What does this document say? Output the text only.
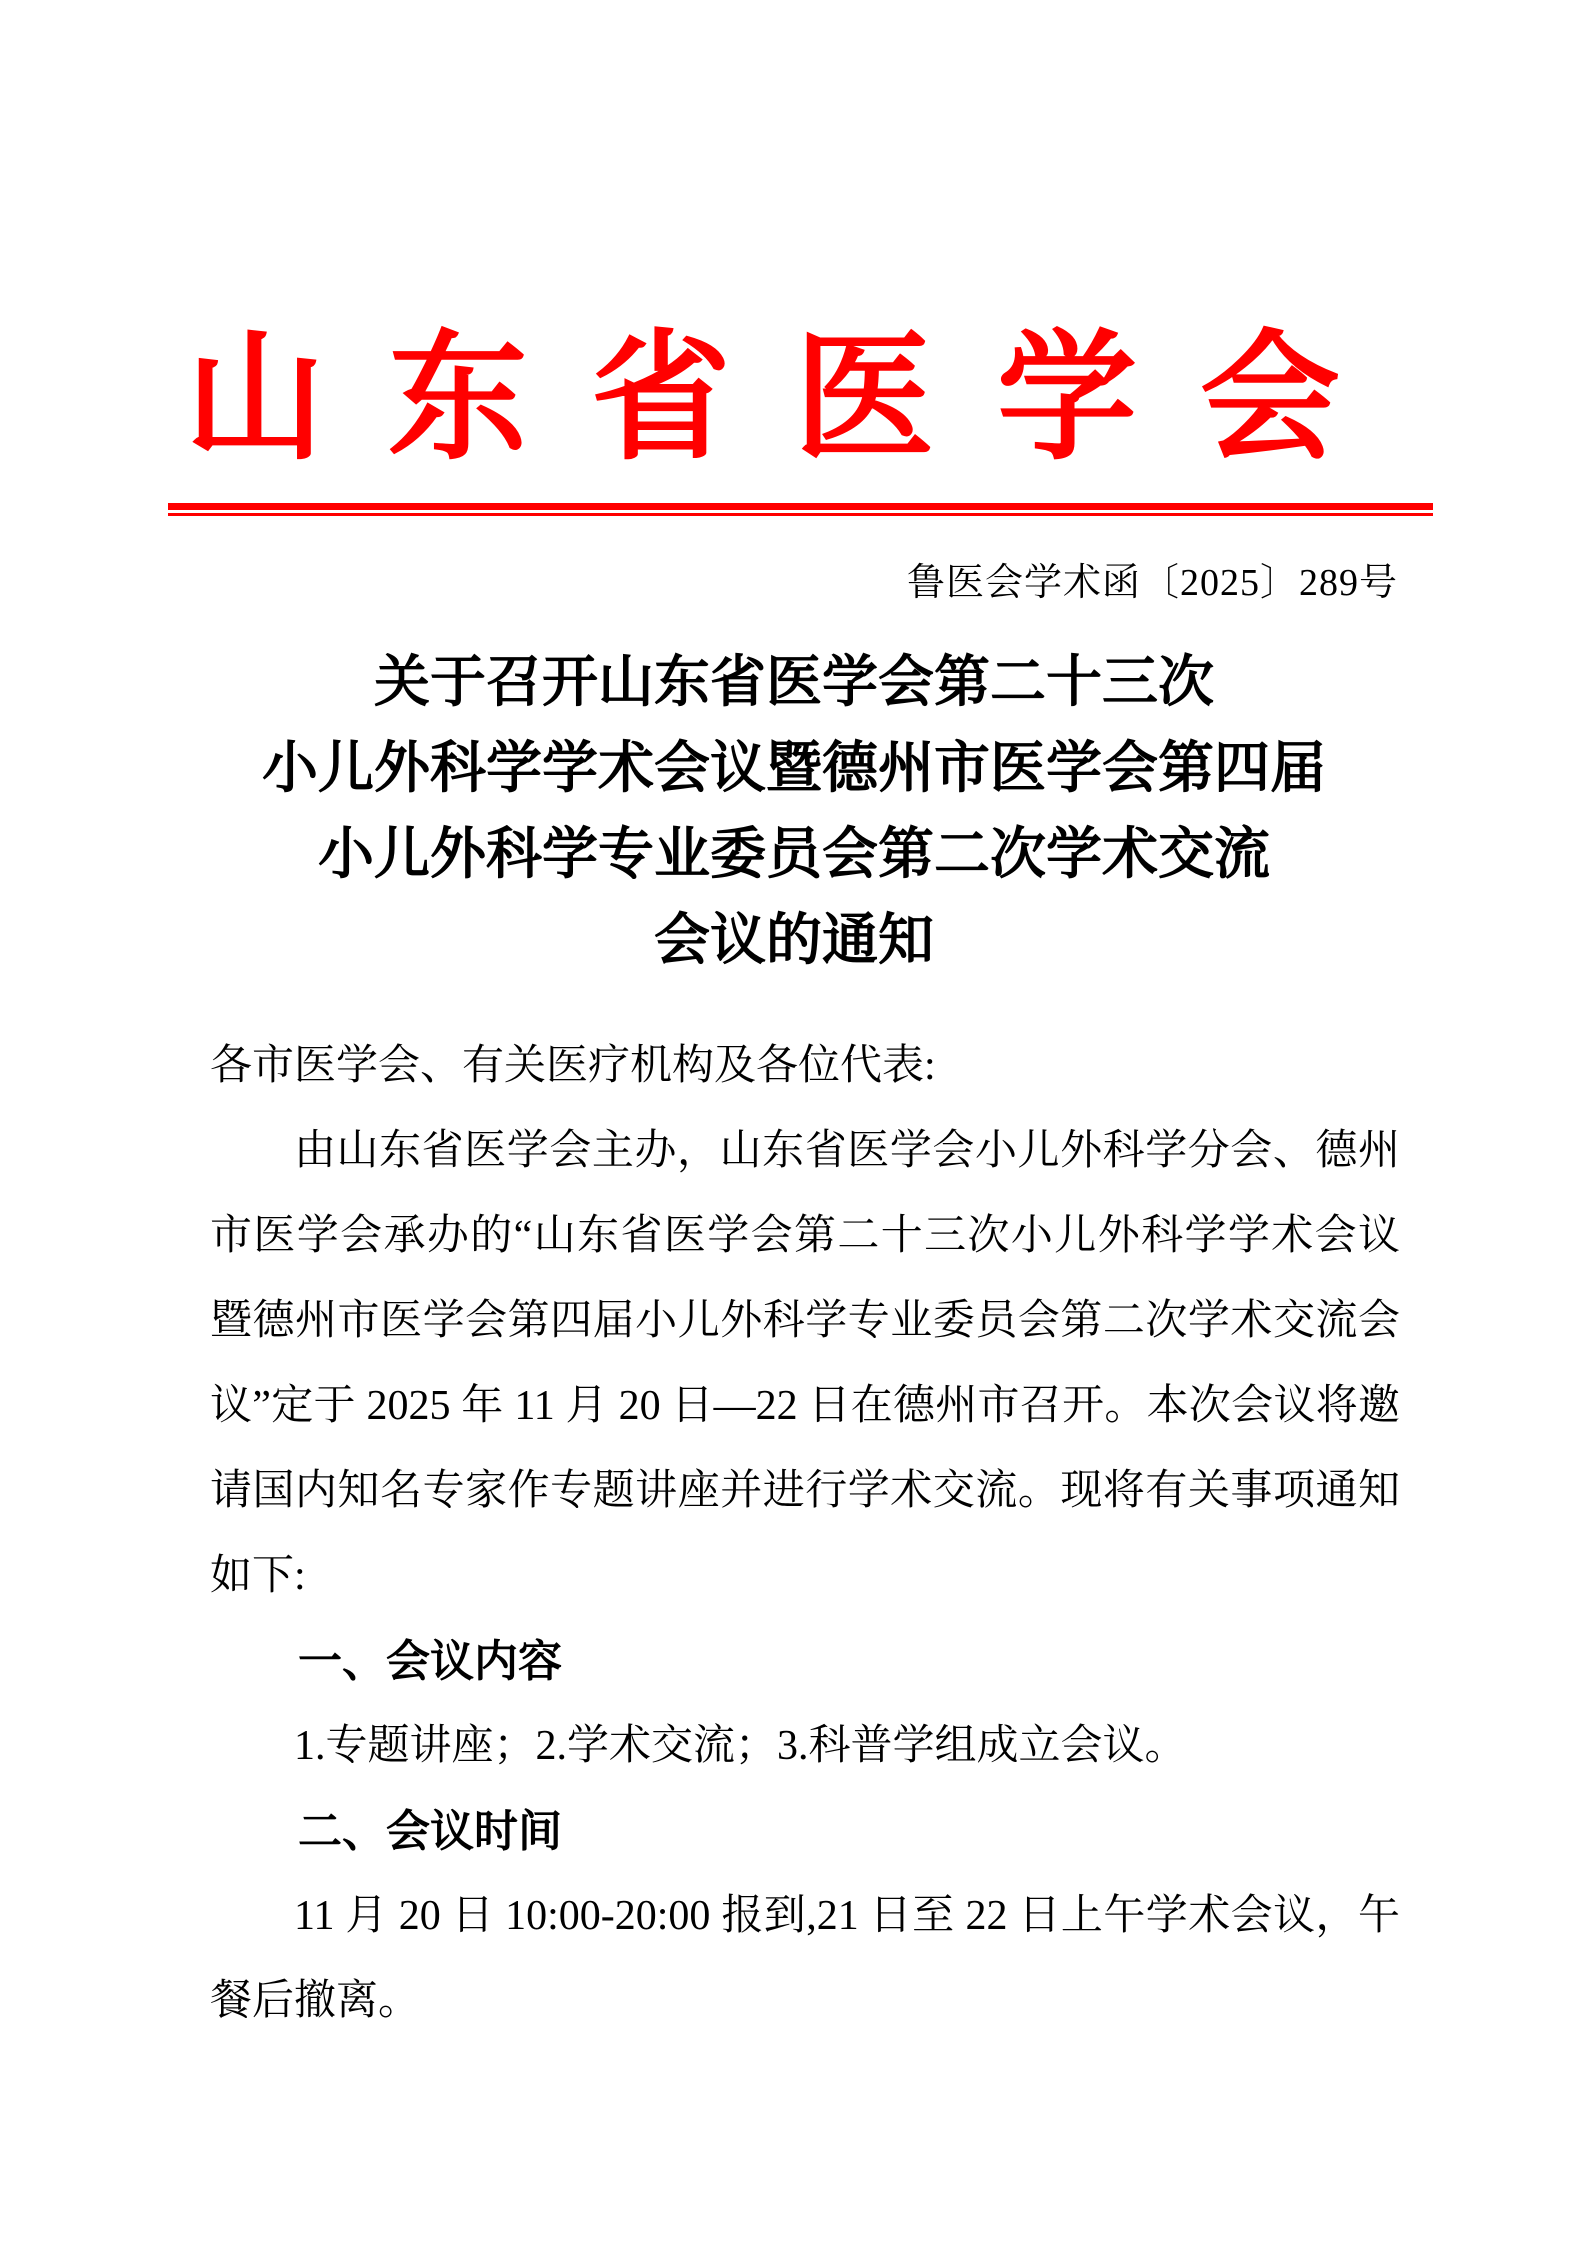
山东省医学会
鲁医会学术函〔2025〕289号
关于召开山东省医学会第二十三次
小儿外科学学术会议暨德州市医学会第四届
小儿外科学专业委员会第二次学术交流
会议的通知

各市医学会、有关医疗机构及各位代表:

由山东省医学会主办，山东省医学会小儿外科学分会、德州市医学会承办的“山东省医学会第二十三次小儿外科学学术会议暨德州市医学会第四届小儿外科学专业委员会第二次学术交流会议”定于 2025 年 11 月 20 日—22 日在德州市召开。本次会议将邀请国内知名专家作专题讲座并进行学术交流。现将有关事项通知如下:

一、会议内容

1.专题讲座；2.学术交流；3.科普学组成立会议。

二、会议时间

11 月 20 日 10:00-20:00 报到,21 日至 22 日上午学术会议，午餐后撤离。
